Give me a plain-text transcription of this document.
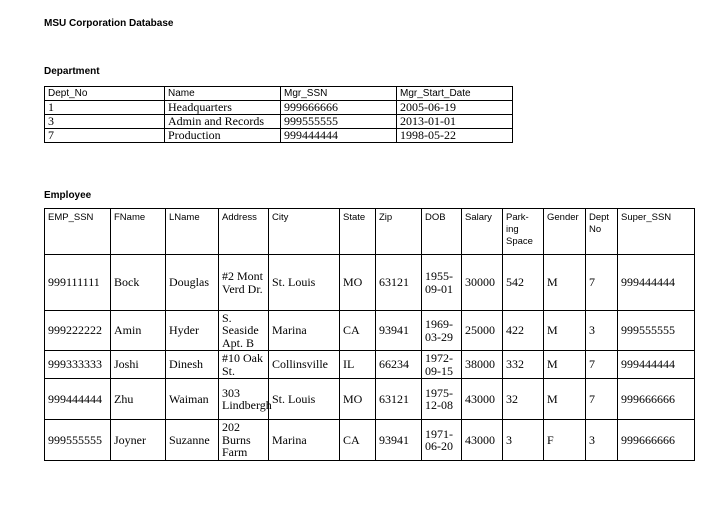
MSU Corporation Database
Department
Dept_No	Name	Mgr_SSN	Mgr_Start_Date
1	Headquarters	999666666	2005-06-19
3	Admin and Records	999555555	2013-01-01
7	Production	999444444	1998-05-22
Employee
EMP_SSN	FName	LName	Address	City	State	Zip	DOB	Salary	Park-ing Space	Gender	Dept No	Super_SSN
999111111	Bock	Douglas	#2 Mont Verd Dr.	St. Louis	MO	63121	1955-09-01	30000	542	M	7	999444444
999222222	Amin	Hyder	S. Seaside Apt. B	Marina	CA	93941	1969-03-29	25000	422	M	3	999555555
999333333	Joshi	Dinesh	#10 Oak St.	Collinsville	IL	66234	1972-09-15	38000	332	M	7	999444444
999444444	Zhu	Waiman	303 Lindbergh	St. Louis	MO	63121	1975-12-08	43000	32	M	7	999666666
999555555	Joyner	Suzanne	202 Burns Farm	Marina	CA	93941	1971-06-20	43000	3	F	3	999666666
